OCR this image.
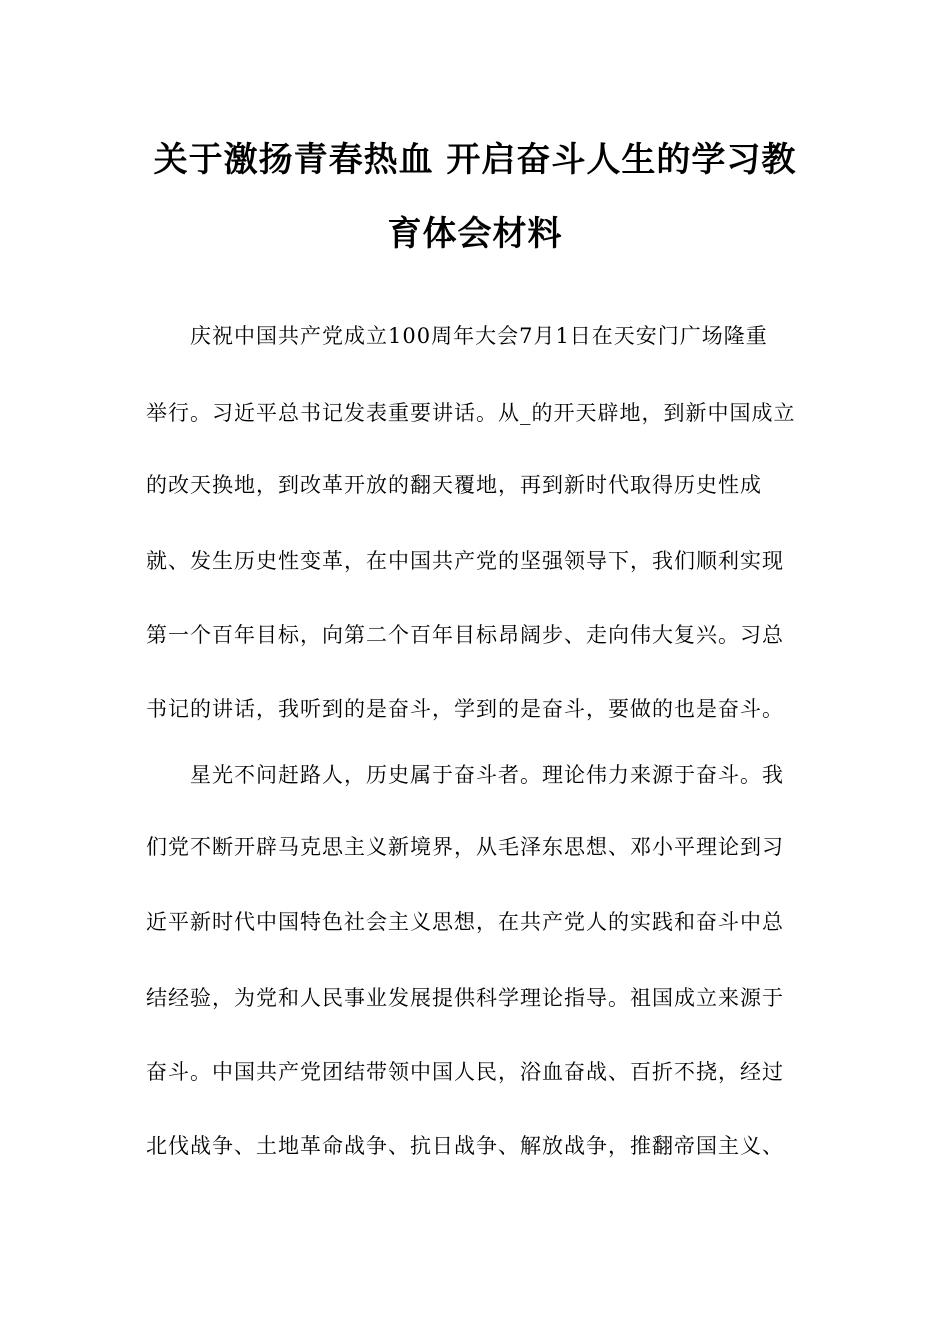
关于激扬青春热血 开启奋斗人生的学习教
育体会材料
庆祝中国共产党成立100周年大会7月1日在天安门广场隆重
举行。习近平总书记发表重要讲话。从_的开天辟地，到新中国成立
的改天换地，到改革开放的翻天覆地，再到新时代取得历史性成
就、发生历史性变革，在中国共产党的坚强领导下，我们顺利实现
第一个百年目标，向第二个百年目标昂阔步、走向伟大复兴。习总
书记的讲话，我听到的是奋斗，学到的是奋斗，要做的也是奋斗。
星光不问赶路人，历史属于奋斗者。理论伟力来源于奋斗。我
们党不断开辟马克思主义新境界，从毛泽东思想、邓小平理论到习
近平新时代中国特色社会主义思想，在共产党人的实践和奋斗中总
结经验，为党和人民事业发展提供科学理论指导。祖国成立来源于
奋斗。中国共产党团结带领中国人民，浴血奋战、百折不挠，经过
北伐战争、土地革命战争、抗日战争、解放战争，推翻帝国主义、
